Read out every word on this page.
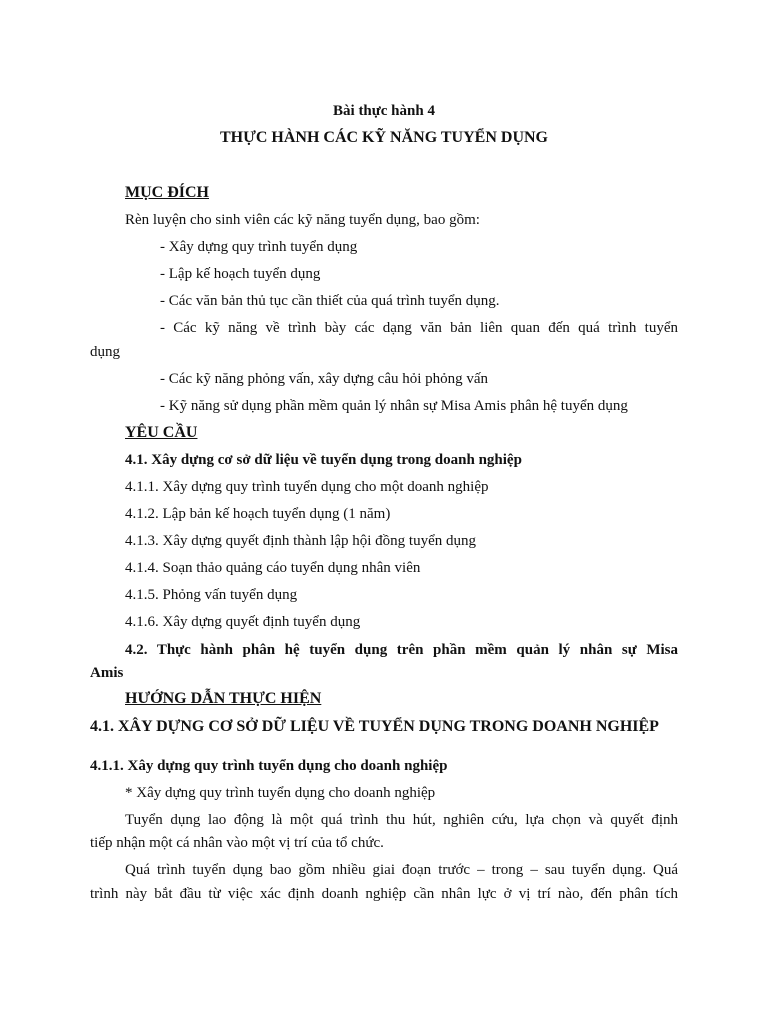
Bài thực hành 4
THỰC HÀNH CÁC KỸ NĂNG TUYỂN DỤNG
MỤC ĐÍCH
Rèn luyện cho sinh viên các kỹ năng tuyển dụng, bao gồm:
- Xây dựng quy trình tuyển dụng
- Lập kế hoạch tuyển dụng
- Các văn bản thủ tục cần thiết của quá trình tuyển dụng.
- Các kỹ năng về trình bày các dạng văn bản liên quan đến quá trình tuyển
dụng
- Các kỹ năng phỏng vấn, xây dựng câu hỏi phỏng vấn
- Kỹ năng sử dụng phần mềm quản lý nhân sự Misa Amis phân hệ tuyển dụng
YÊU CẦU
4.1. Xây dựng cơ sở dữ liệu về tuyển dụng trong doanh nghiệp
4.1.1. Xây dựng quy trình tuyển dụng cho một doanh nghiệp
4.1.2. Lập bản kế hoạch tuyển dụng (1 năm)
4.1.3. Xây dựng quyết định thành lập hội đồng tuyển dụng
4.1.4. Soạn thảo quảng cáo tuyển dụng nhân viên
4.1.5. Phỏng vấn tuyển dụng
4.1.6. Xây dựng quyết định tuyển dụng
4.2. Thực hành phân hệ tuyển dụng trên phần mềm quản lý nhân sự Misa
Amis
HƯỚNG DẪN THỰC HIỆN
4.1. XÂY DỰNG CƠ SỞ DỮ LIỆU VỀ TUYỂN DỤNG TRONG DOANH NGHIỆP
4.1.1. Xây dựng quy trình tuyển dụng cho doanh nghiệp
* Xây dựng quy trình tuyển dụng cho doanh nghiệp
Tuyển dụng lao động là một quá trình thu hút, nghiên cứu, lựa chọn và quyết định
tiếp nhận một cá nhân vào một vị trí của tổ chức.
Quá trình tuyển dụng bao gồm nhiều giai đoạn trước – trong – sau tuyển dụng. Quá
trình này bắt đầu từ việc xác định doanh nghiệp cần nhân lực ở vị trí nào, đến phân tích
